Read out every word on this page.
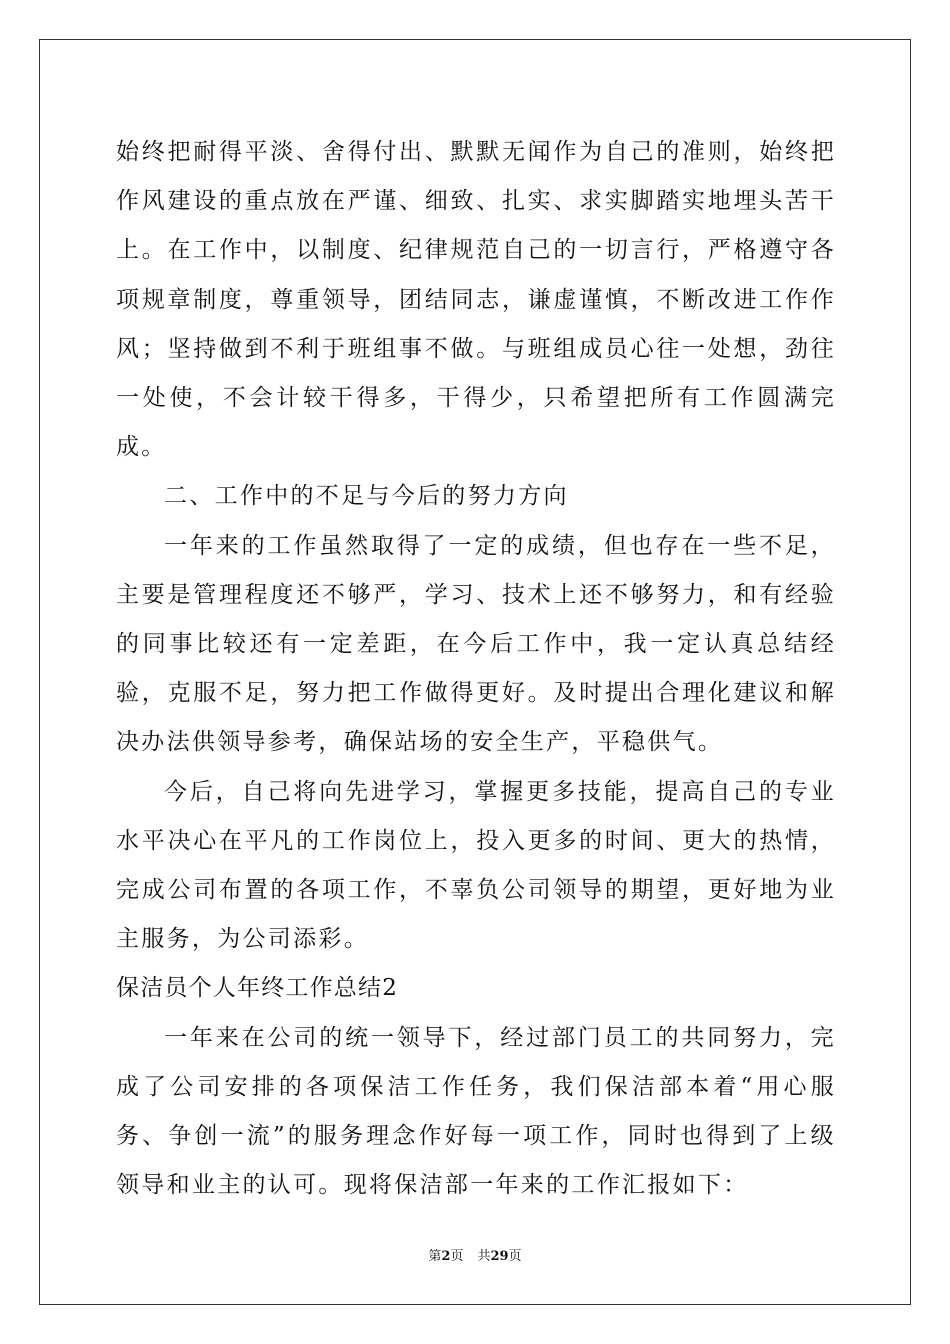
始终把耐得平淡、舍得付出、默默无闻作为自己的准则，始终把作风建设的重点放在严谨、细致、扎实、求实脚踏实地埋头苦干上。在工作中，以制度、纪律规范自己的一切言行，严格遵守各项规章制度，尊重领导，团结同志，谦虚谨慎，不断改进工作作风；坚持做到不利于班组事不做。与班组成员心往一处想，劲往一处使，不会计较干得多，干得少，只希望把所有工作圆满完成。

二、工作中的不足与今后的努力方向

一年来的工作虽然取得了一定的成绩，但也存在一些不足，主要是管理程度还不够严，学习、技术上还不够努力，和有经验的同事比较还有一定差距，在今后工作中，我一定认真总结经验，克服不足，努力把工作做得更好。及时提出合理化建议和解决办法供领导参考，确保站场的安全生产，平稳供气。

今后，自己将向先进学习，掌握更多技能，提高自己的专业水平决心在平凡的工作岗位上，投入更多的时间、更大的热情，完成公司布置的各项工作，不辜负公司领导的期望，更好地为业主服务，为公司添彩。

保洁员个人年终工作总结2

一年来在公司的统一领导下，经过部门员工的共同努力，完成了公司安排的各项保洁工作任务，我们保洁部本着“用心服务、争创一流”的服务理念作好每一项工作，同时也得到了上级领导和业主的认可。现将保洁部一年来的工作汇报如下：

第2页 共29页
